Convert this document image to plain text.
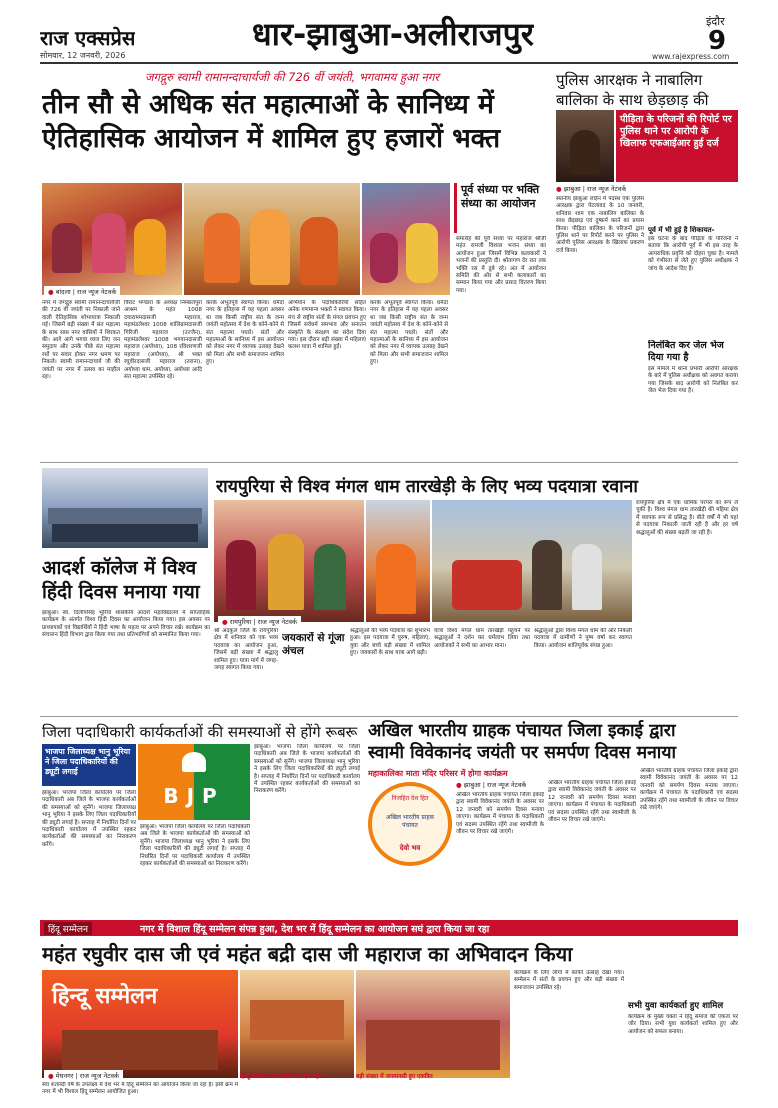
राज एक्सप्रेस
सोमवार, 12 जनवरी, 2026
धार-झाबुआ-अलीराजपुर	इंदौर
9
www.rajexpress.com
जगद्गुरु स्वामी रामानन्दाचार्यजी की 726 वीं जयंती, भगवामय हुआ नगर
तीन सौ से अधिक संत महात्माओं के सानिध्य में
ऐतिहासिक आयोजन में शामिल हुए हजारों भक्त
● बांदला | राज न्यूज नेटवर्क
पूर्व संध्या पर भक्ति संध्या का आयोजन
समारोह की पूर्व संध्या पर महाराज श्रीजी महंत रामजी विशाल भजन संध्या का आयोजन हुआ जिसमें विभिन्न कलाकारों ने भजनों की प्रस्तुति दी। श्रोतागण देर रात तक भक्ति रस में डूबे रहे। अंत में आयोजन समिति की ओर से सभी कलाकारों का सम्मान किया गया और प्रसाद वितरण किया गया।
नगर में जगद्गुरु स्वामी रामानन्दाचार्यजी की 726 वीं जयंती पर निकाली जाने वाली ऐतिहासिक शोभायात्रा निकाली गई। जिसमें बड़ी संख्या में संत महात्मा के साथ साथ नगर वासियों ने शिरकत की। आगे आगे भगवा ध्वज लिए जन समुदाय और उनके पीछे संत महात्मा रथों पर सवार होकर नगर भ्रमण पर निकले। स्वामी रामानन्दाचार्य जी की जयंती पर नगर में उत्सव का माहौल रहा।
विराट भण्डारा के अध्यक्ष निम्बालपुरा आश्रम के महंत 1008 दयाराममदासजी महाराज, महामंडलेश्वर 1008 शालिग्रामदासजी गिरिजी महाराज (उज्जैन), महामंडलेश्वर 1008 भगवानदासजी महाराज (अयोध्या), 108 रविशरणजी महाराज (अयोध्या), श्री भक्त रघुवीरदासजी महाराज (तराना), अयोध्या धाम, अयोध्या, अयोध्या आदि संत महात्मा उपस्थित रहे।
करके अभूतपूर्व स्वागत किया। धर्मदा नगर के इतिहास में यह पहला अवसर था जब किसी राष्ट्रीय संत के जन्म जयंती महोत्सव में देश के कोने-कोने से संत महात्मा पधारे। संतों और महात्माओं के सानिध्य में इस आयोजन को लेकर नगर में व्यापक उत्साह देखने को मिला और सभी समाजजन शामिल हुए।
अभियान के पदाधिकारियों सहित अनेक गणमान्य भक्तों ने स्वागत किया। मंच से राष्ट्रीय संतों के मंगल प्रवचन हुए जिसमें सर्वधर्म समभाव और सनातन संस्कृति के संरक्षण का संदेश दिया गया। इस दौरान बड़ी संख्या में महिलाएं कलश यात्रा में शामिल हुईं।
करके अभूतपूर्व स्वागत किया। धर्मदा नगर के इतिहास में यह पहला अवसर था जब किसी राष्ट्रीय संत के जन्म जयंती महोत्सव में देश के कोने-कोने से संत महात्मा पधारे। संतों और महात्माओं के सानिध्य में इस आयोजन को लेकर नगर में व्यापक उत्साह देखने को मिला और सभी समाजजन शामिल हुए।
पुलिस आरक्षक ने नाबालिग बालिका के साथ छेड़छाड़ की
पीड़िता के परिजनों की रिपोर्ट पर पुलिस थाने पर आरोपी के खिलाफ एफआईआर हुई दर्ज
● झाबुआ | राज न्यूज नेटवर्क
स्थानीय झाबुआ लाईन में पदस्थ एक पुलिस आरक्षक द्वारा पेटलावद के 10 जनवरी, शनिवार शाम एक नाबालिग बालिका के साथ छेड़छाड़ एवं दुष्कर्म करने का प्रयास किया। पीड़िता बालिका के परिजनों द्वारा पुलिस थाने पर रिपोर्ट करने पर पुलिस ने आरोपी पुलिस आरक्षक के खिलाफ प्रकरण दर्ज किया।
पूर्व में भी हुई है शिकायत-
इस घटना के बाद पीड़िता के परिजनों ने बताया कि आरोपी पूर्व में भी इस तरह के आपराधिक प्रवृत्ति को दोहरा चुका है। मामले को गंभीरता से लेते हुए पुलिस अधीक्षक ने जांच के आदेश दिए हैं।
निलंबित कर जेल भेज दिया गया है
इस मामले में थाना प्रभारी आरोपी आरक्षक के बारे में पुलिस अधीक्षक को अवगत कराया गया जिसके बाद आरोपी को निलंबित कर जेल भेज दिया गया है।
रायपुरिया से विश्व मंगल धाम तारखेड़ी के लिए भव्य पदयात्रा रवाना
● रायपुरिया | राज न्यूज नेटवर्क
श्री अदकुल जिले के रायपुरिया क्षेत्र में शनिवार को एक भव्य पदयात्रा का आयोजन हुआ, जिसमें बड़ी संख्या में श्रद्धालु शामिल हुए। यात्रा मार्ग में जगह-जगह स्वागत किया गया।
जयकारों से गूंजा अंचल
श्रद्धालुओं की भव्य पदयात्रा का शुभारंभ हुआ। इस पदयात्रा में पुरुष, महिलाएं, युवा और बच्चे बड़ी संख्या में शामिल हुए। जयकारों के साथ यात्रा आगे बढ़ी।
यात्रा विश्व मंगल धाम तारखेड़ी पहुंचने पर श्रद्धालुओं ने दर्शन कर धर्मलाभ लिया तथा आयोजकों ने सभी का आभार माना।
श्रद्धालुओं द्वारा विश्व मंगल धाम की ओर निकली पदयात्रा में ग्रामीणों ने पुष्प वर्षा कर स्वागत किया। आयोजन शांतिपूर्वक संपन्न हुआ।
रायपुरिया क्षेत्र में एक धार्मिक परंपरा का रूप ले चुकी है। विश्व मंगल धाम तारखेड़ी की महिमा क्षेत्र में व्यापक रूप से प्रसिद्ध है। बीते वर्षों में भी यहां से पदयात्रा निकाली जाती रही है और हर वर्ष श्रद्धालुओं की संख्या बढ़ती जा रही है।
आदर्श कॉलेज में विश्व
हिंदी दिवस मनाया गया
झाबुआ। स्व. दिलीपसिंह भूरिया शासकीय आदर्श महाविद्यालय में साप्ताहिक कार्यक्रम के अंतर्गत विश्व हिंदी दिवस का आयोजन किया गया। इस अवसर पर प्राध्यापकों एवं विद्यार्थियों ने हिंदी भाषा के महत्व पर अपने विचार रखे। कार्यक्रम का संचालन हिंदी विभाग द्वारा किया गया तथा प्रतिभागियों को सम्मानित किया गया।
जिला पदाधिकारी कार्यकर्ताओं की समस्याओं से होंगे रूबरू
भाजपा जिलाध्यक्ष भानु भूरिया ने जिला पदाधिकारियों की ड्यूटी लगाई
BJP
झाबुआ। भाजपा जिला कार्यालय पर जिला पदाधिकारी अब जिले के भाजपा कार्यकर्ताओं की समस्याओं को सुनेंगे। भाजपा जिलाध्यक्ष भानु भूरिया ने इसके लिए जिला पदाधिकारियों की ड्यूटी लगाई है। सप्ताह में निर्धारित दिनों पर पदाधिकारी कार्यालय में उपस्थित रहकर कार्यकर्ताओं की समस्याओं का निराकरण करेंगे।
झाबुआ। भाजपा जिला कार्यालय पर जिला पदाधिकारी अब जिले के भाजपा कार्यकर्ताओं की समस्याओं को सुनेंगे। भाजपा जिलाध्यक्ष भानु भूरिया ने इसके लिए जिला पदाधिकारियों की ड्यूटी लगाई है। सप्ताह में निर्धारित दिनों पर पदाधिकारी कार्यालय में उपस्थित रहकर कार्यकर्ताओं की समस्याओं का निराकरण करेंगे।
झाबुआ। भाजपा जिला कार्यालय पर जिला पदाधिकारी अब जिले के भाजपा कार्यकर्ताओं की समस्याओं को सुनेंगे। भाजपा जिलाध्यक्ष भानु भूरिया ने इसके लिए जिला पदाधिकारियों की ड्यूटी लगाई है। सप्ताह में निर्धारित दिनों पर पदाधिकारी कार्यालय में उपस्थित रहकर कार्यकर्ताओं की समस्याओं का निराकरण करेंगे।
अखिल भारतीय ग्राहक पंचायत जिला इकाई द्वारा
स्वामी विवेकानंद जयंती पर समर्पण दिवस मनाया
महाकालिका माता मंदिर परिसर में होगा कार्यक्रम
निजहित देश हित
अखिल भारतीय ग्राहक पंचायत
देवो भव
● झाबुआ | राज न्यूज नेटवर्क
अखिल भारतीय ग्राहक पंचायत जिला इकाई द्वारा स्वामी विवेकानंद जयंती के अवसर पर 12 जनवरी को समर्पण दिवस मनाया जाएगा। कार्यक्रम में पंचायत के पदाधिकारी एवं सदस्य उपस्थित रहेंगे तथा स्वामीजी के जीवन पर विचार रखे जाएंगे।
अखिल भारतीय ग्राहक पंचायत जिला इकाई द्वारा स्वामी विवेकानंद जयंती के अवसर पर 12 जनवरी को समर्पण दिवस मनाया जाएगा। कार्यक्रम में पंचायत के पदाधिकारी एवं सदस्य उपस्थित रहेंगे तथा स्वामीजी के जीवन पर विचार रखे जाएंगे।
अखिल भारतीय ग्राहक पंचायत जिला इकाई द्वारा स्वामी विवेकानंद जयंती के अवसर पर 12 जनवरी को समर्पण दिवस मनाया जाएगा। कार्यक्रम में पंचायत के पदाधिकारी एवं सदस्य उपस्थित रहेंगे तथा स्वामीजी के जीवन पर विचार रखे जाएंगे।
हिंदू सम्मेलन	नगर में विशाल हिंदू सम्मेलन संपन्न हुआ, देश भर में हिंदू सम्मेलन का आयोजन सघं द्वारा किया जा रहा
महंत रघुवीर दास जी एवं महंत बद्री दास जी महाराज का अभिवादन किया
हिन्दू सम्मेलन
● मेघनगर | राज न्यूज नेटवर्क	हिन्दू सम्मेलन में मंचासीन संत एवं महंत	बड़ी संख्या में जनमानसी हुए एकत्रित
संघ शताब्दी वर्ष के उपलक्ष्य में देश भर में हिंदू सम्मेलन का आयोजन किया जा रहा है। इसी क्रम में नगर में भी विशाल हिंदू सम्मेलन आयोजित हुआ।
कार्यक्रम के लिए लोगों में काफी उत्साह देखा गया। सम्मेलन में संतों के प्रवचन हुए और बड़ी संख्या में समाजजन उपस्थित रहे।
सभी युवा कार्यकर्ता हुए शामिल
कार्यक्रम के मुख्य वक्ता ने हिंदू समाज की एकता पर जोर दिया। सभी युवा कार्यकर्ता शामिल हुए और आयोजन को सफल बनाया।
